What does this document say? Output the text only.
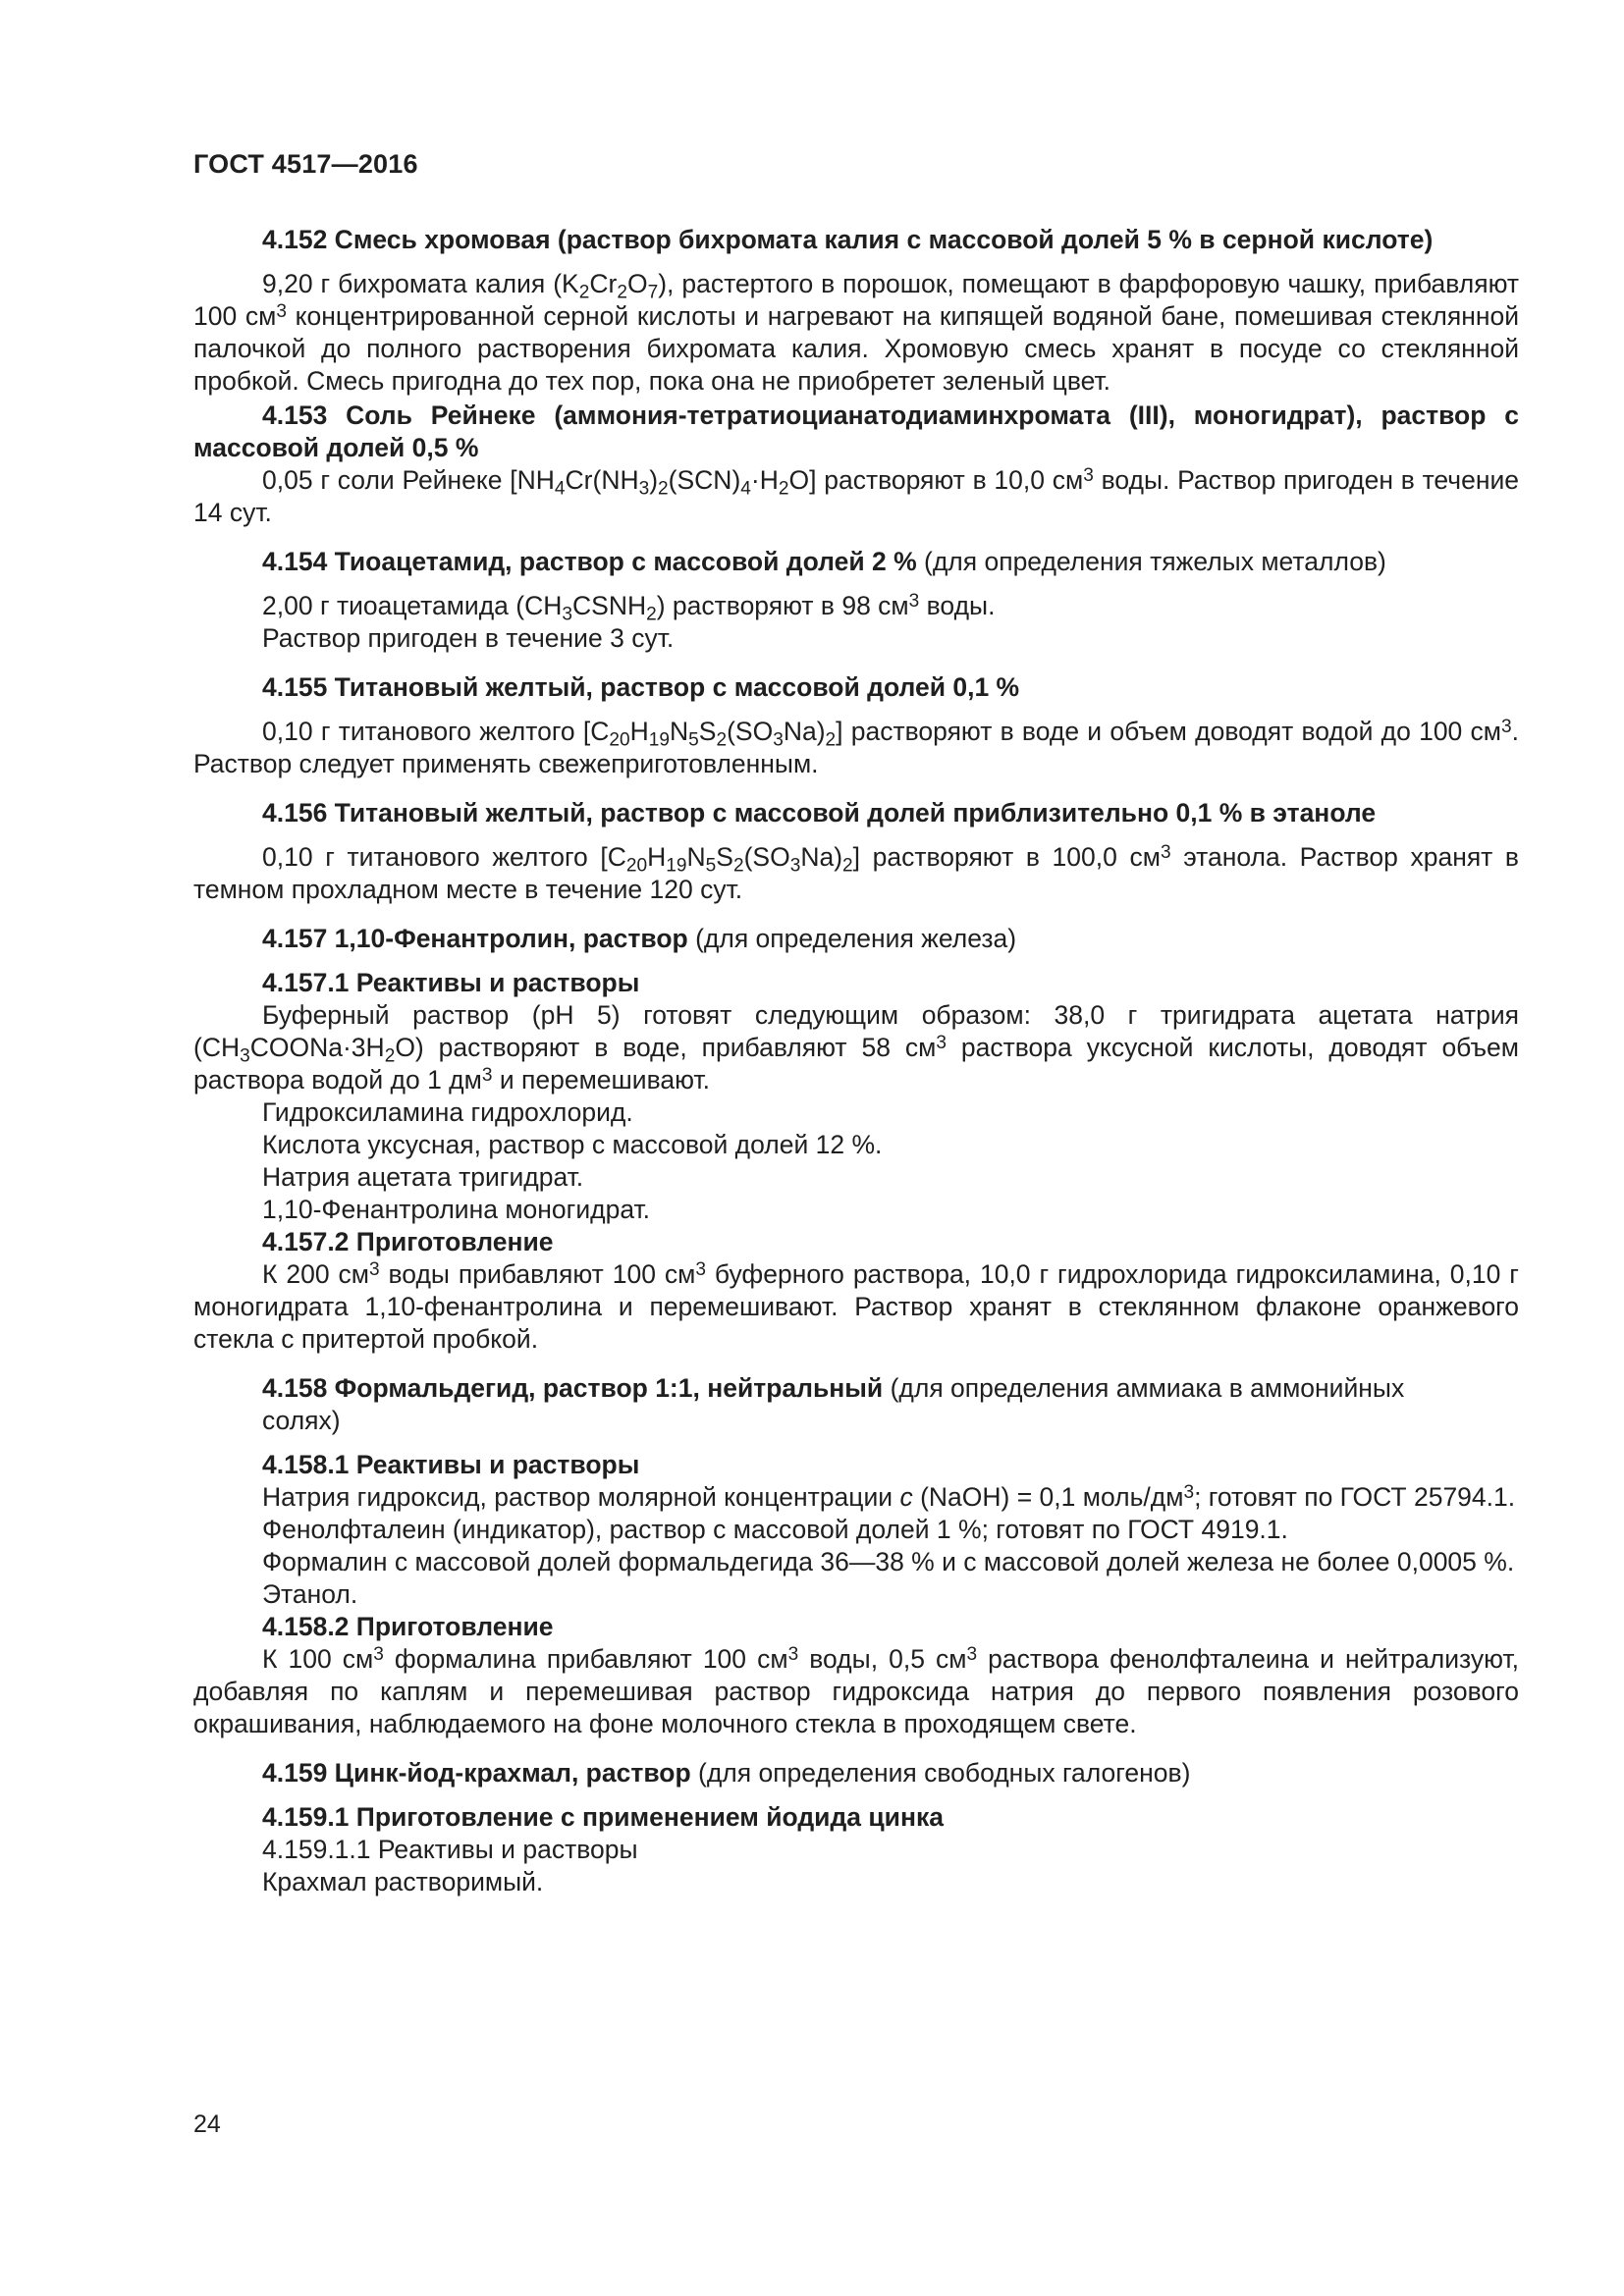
ГОСТ 4517—2016

4.152 Смесь хромовая (раствор бихромата калия с массовой долей 5 % в серной кислоте)

9,20 г бихромата калия $(K_2Cr_2O_7)$, растертого в порошок, помещают в фарфоровую чашку, прибавляют 100 $см^3$ концентрированной серной кислоты и нагревают на кипящей водяной бане, помешивая стеклянной палочкой до полного растворения бихромата калия. Хромовую смесь хранят в посуде со стеклянной пробкой. Смесь пригодна до тех пор, пока она не приобретет зеленый цвет.

4.153 Соль Рейнеке (аммония-тетратиоцианатодиаминхромата (III), моногидрат), раствор с массовой долей 0,5 %

0,05 г соли Рейнеке $[NH_4Cr(NH_3)_2(SCN)_4\cdot H_2O]$ растворяют в 10,0 $см^3$ воды. Раствор пригоден в течение 14 сут.

4.154 Тиоацетамид, раствор с массовой долей 2 % (для определения тяжелых металлов)

2,00 г тиоацетамида $(CH_3CSNH_2)$ растворяют в 98 $см^3$ воды.

Раствор пригоден в течение 3 сут.

4.155 Титановый желтый, раствор с массовой долей 0,1 %

0,10 г титанового желтого $[C_{20}H_{19}N_5S_2(SO_3Na)_2]$ растворяют в воде и объем доводят водой до 100 $см^3$. Раствор следует применять свежеприготовленным.

4.156 Титановый желтый, раствор с массовой долей приблизительно 0,1 % в этаноле

0,10 г титанового желтого $[C_{20}H_{19}N_5S_2(SO_3Na)_2]$ растворяют в 100,0 $см^3$ этанола. Раствор хранят в темном прохладном месте в течение 120 сут.

4.157 1,10-Фенантролин, раствор (для определения железа)

4.157.1 Реактивы и растворы

Буферный раствор (рН 5) готовят следующим образом: 38,0 г тригидрата ацетата натрия $(CH_3COONa\cdot 3H_2O)$ растворяют в воде, прибавляют 58 $см^3$ раствора уксусной кислоты, доводят объем раствора водой до 1 $дм^3$ и перемешивают.

Гидроксиламина гидрохлорид.

Кислота уксусная, раствор с массовой долей 12 %.

Натрия ацетата тригидрат.

1,10-Фенантролина моногидрат.

4.157.2 Приготовление

К 200 $см^3$ воды прибавляют 100 $см^3$ буферного раствора, 10,0 г гидрохлорида гидроксиламина, 0,10 г моногидрата 1,10-фенантролина и перемешивают. Раствор хранят в стеклянном флаконе оранжевого стекла с притертой пробкой.

4.158 Формальдегид, раствор 1:1, нейтральный (для определения аммиака в аммонийных солях)

4.158.1 Реактивы и растворы

Натрия гидроксид, раствор молярной концентрации с (NaOH) = 0,1 моль/$дм^3$; готовят по ГОСТ 25794.1.

Фенолфталеин (индикатор), раствор с массовой долей 1 %; готовят по ГОСТ 4919.1.

Формалин с массовой долей формальдегида 36—38 % и с массовой долей железа не более 0,0005 %.

Этанол.

4.158.2 Приготовление

К 100 $см^3$ формалина прибавляют 100 $см^3$ воды, 0,5 $см^3$ раствора фенолфталеина и нейтрализуют, добавляя по каплям и перемешивая раствор гидроксида натрия до первого появления розового окрашивания, наблюдаемого на фоне молочного стекла в проходящем свете.

4.159 Цинк-йод-крахмал, раствор (для определения свободных галогенов)

4.159.1 Приготовление с применением йодида цинка

4.159.1.1 Реактивы и растворы

Крахмал растворимый.

24
